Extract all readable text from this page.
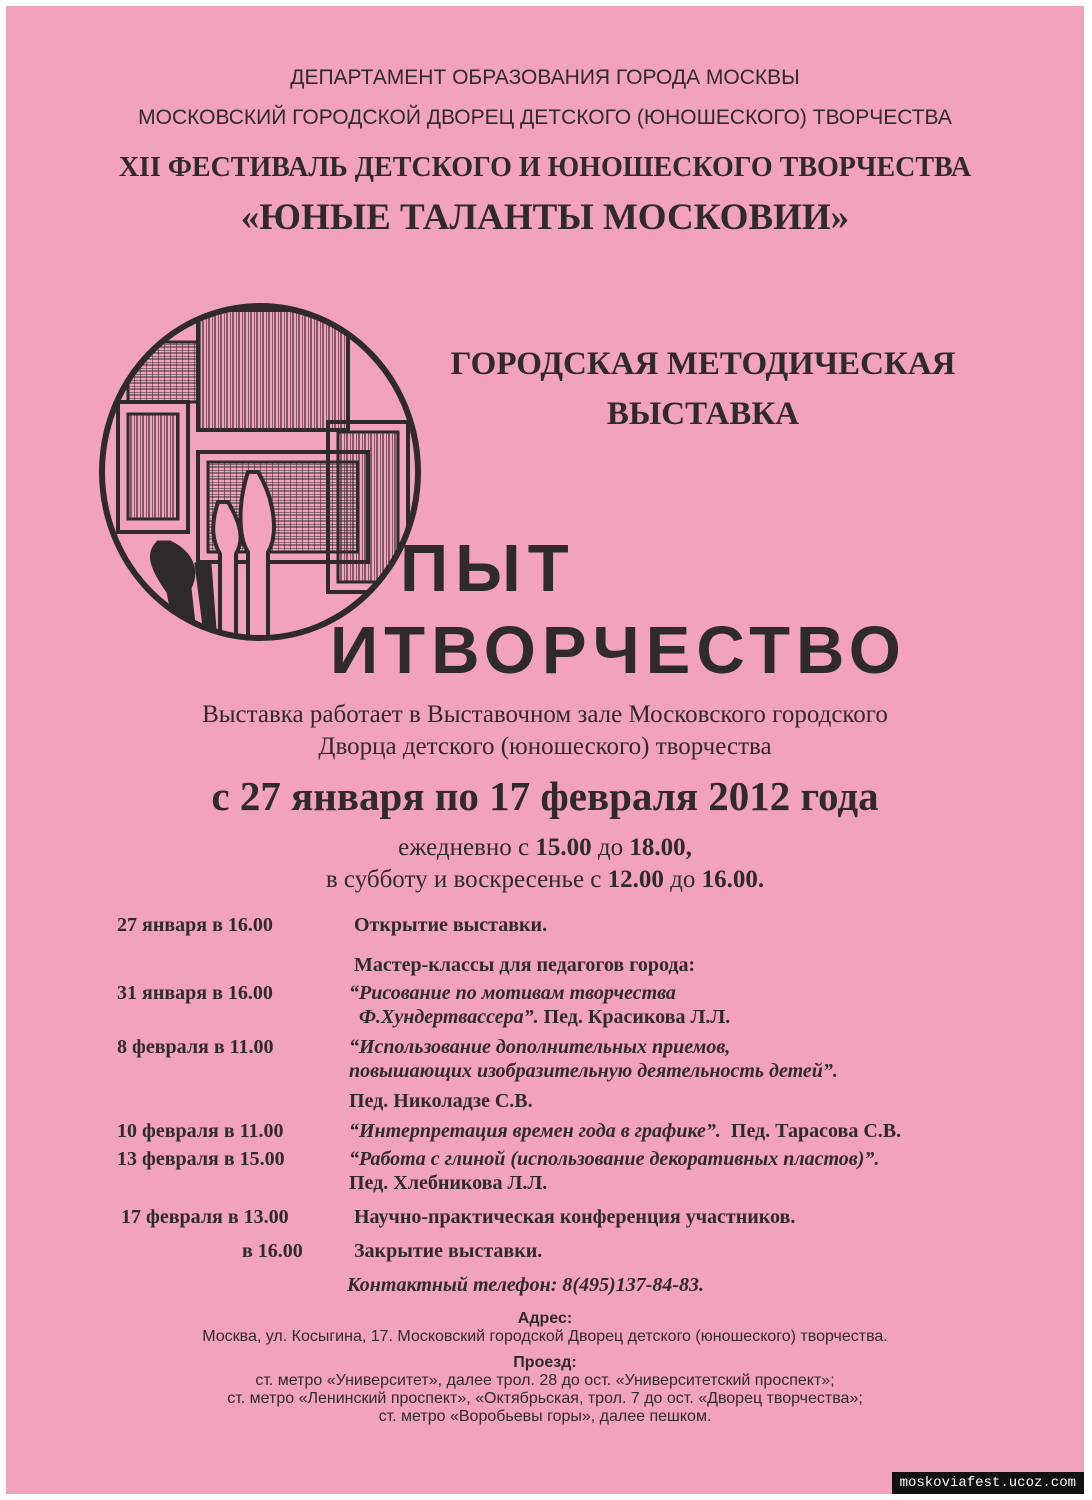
ДЕПАРТАМЕНТ ОБРАЗОВАНИЯ ГОРОДА МОСКВЫ
МОСКОВСКИЙ ГОРОДСКОЙ ДВОРЕЦ ДЕТСКОГО (ЮНОШЕСКОГО) ТВОРЧЕСТВА
XII ФЕСТИВАЛЬ ДЕТСКОГО И ЮНОШЕСКОГО ТВОРЧЕСТВА
«ЮНЫЕ ТАЛАНТЫ МОСКОВИИ»
ГОРОДСКАЯ МЕТОДИЧЕСКАЯ
ВЫСТАВКА
ПЫТ
ИТВОРЧЕСТВО
Выставка работает в Выставочном зале Московского городского
Дворца детского (юношеского) творчества
с 27 января по 17 февраля 2012 года
ежедневно с 15.00 до 18.00,
в субботу и воскресенье с 12.00 до 16.00.
27 января в 16.00	Открытие выставки.
Мастер-классы для педагогов города:
31 января в 16.00	“Рисование по мотивам творчества
Ф.Хундертвассера”. Пед. Красикова Л.Л.
8 февраля в 11.00	“Использование дополнительных приемов,
повышающих изобразительную деятельность детей”.
Пед. Николадзе С.В.
10 февраля в 11.00	“Интерпретация времен года в графике”. Пед. Тарасова С.В.
13 февраля в 15.00	“Работа с глиной (использование декоративных пластов)”.
Пед. Хлебникова Л.Л.
17 февраля в 13.00	Научно-практическая конференция участников.
в 16.00	Закрытие выставки.
Контактный телефон: 8(495)137-84-83.
Адрес:
Москва, ул. Косыгина, 17. Московский городской Дворец детского (юношеского) творчества.
Проезд:
ст. метро «Университет», далее трол. 28 до ост. «Университетский проспект»;
ст. метро «Ленинский проспект», «Октябрьская, трол. 7 до ост. «Дворец творчества»;
ст. метро «Воробьевы горы», далее пешком.
moskoviafest.ucoz.com
